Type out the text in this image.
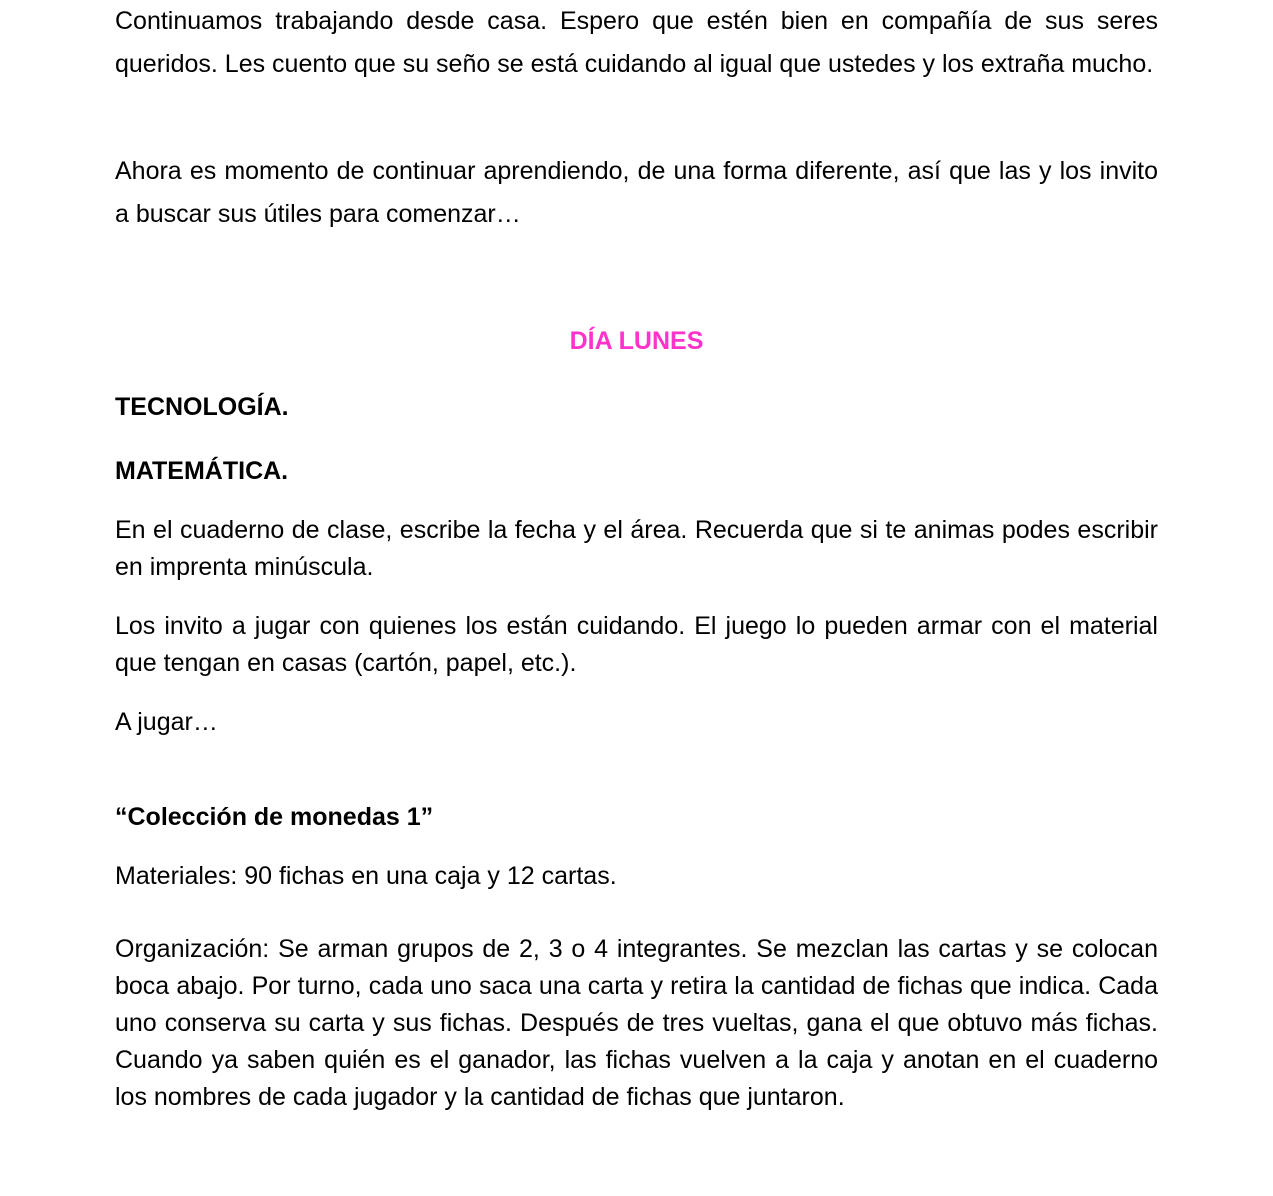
Continuamos trabajando desde casa. Espero que estén bien en compañía de sus seres queridos. Les cuento que su seño se está cuidando al igual que ustedes y los extraña mucho.

Ahora es momento de continuar aprendiendo, de una forma diferente, así que las y los invito a buscar sus útiles para comenzar…

DÍA LUNES

TECNOLOGÍA.

MATEMÁTICA.

En el cuaderno de clase, escribe la fecha y el área. Recuerda que si te animas podes escribir en imprenta minúscula.

Los invito a jugar con quienes los están cuidando. El juego lo pueden armar con el material que tengan en casas (cartón, papel, etc.).

A jugar…

“Colección de monedas 1”

Materiales: 90 fichas en una caja y 12 cartas.

Organización: Se arman grupos de 2, 3 o 4 integrantes. Se mezclan las cartas y se colocan boca abajo. Por turno, cada uno saca una carta y retira la cantidad de fichas que indica. Cada uno conserva su carta y sus fichas. Después de tres vueltas, gana el que obtuvo más fichas. Cuando ya saben quién es el ganador, las fichas vuelven a la caja y anotan en el cuaderno los nombres de cada jugador y la cantidad de fichas que juntaron.
